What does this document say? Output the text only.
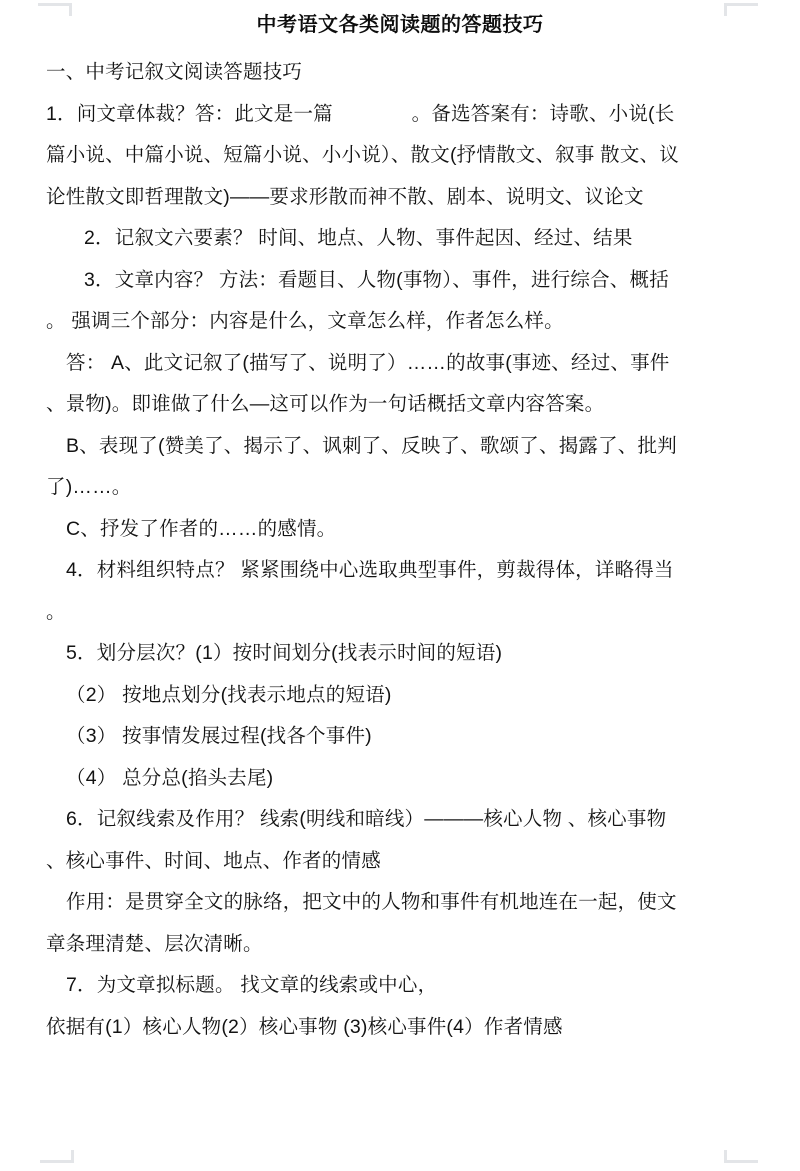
中考语文各类阅读题的答题技巧
一、中考记叙文阅读答题技巧
1．问文章体裁？答：此文是一篇　　　　。备选答案有：诗歌、小说(长
篇小说、中篇小说、短篇小说、小小说）、散文(抒情散文、叙事 散文、议
论性散文即哲理散文)——要求形散而神不散、剧本、说明文、议论文
2．记叙文六要素？ 时间、地点、人物、事件起因、经过、结果
3．文章内容？ 方法：看题目、人物(事物）、事件，进行综合、概括
。 强调三个部分：内容是什么，文章怎么样，作者怎么样。
答： A、此文记叙了(描写了、说明了）……的故事(事迹、经过、事件
、景物)。即谁做了什么—这可以作为一句话概括文章内容答案。
B、表现了(赞美了、揭示了、讽刺了、反映了、歌颂了、揭露了、批判
了)……。
C、抒发了作者的……的感情。
4．材料组织特点？ 紧紧围绕中心选取典型事件，剪裁得体，详略得当
。
5．划分层次？(1）按时间划分(找表示时间的短语)
（2） 按地点划分(找表示地点的短语)
（3） 按事情发展过程(找各个事件)
（4） 总分总(掐头去尾)
6．记叙线索及作用？ 线索(明线和暗线）———核心人物 、核心事物
、核心事件、时间、地点、作者的情感
作用：是贯穿全文的脉络，把文中的人物和事件有机地连在一起，使文
章条理清楚、层次清晰。
7．为文章拟标题。 找文章的线索或中心，
依据有(1）核心人物(2）核心事物 (3)核心事件(4）作者情感
